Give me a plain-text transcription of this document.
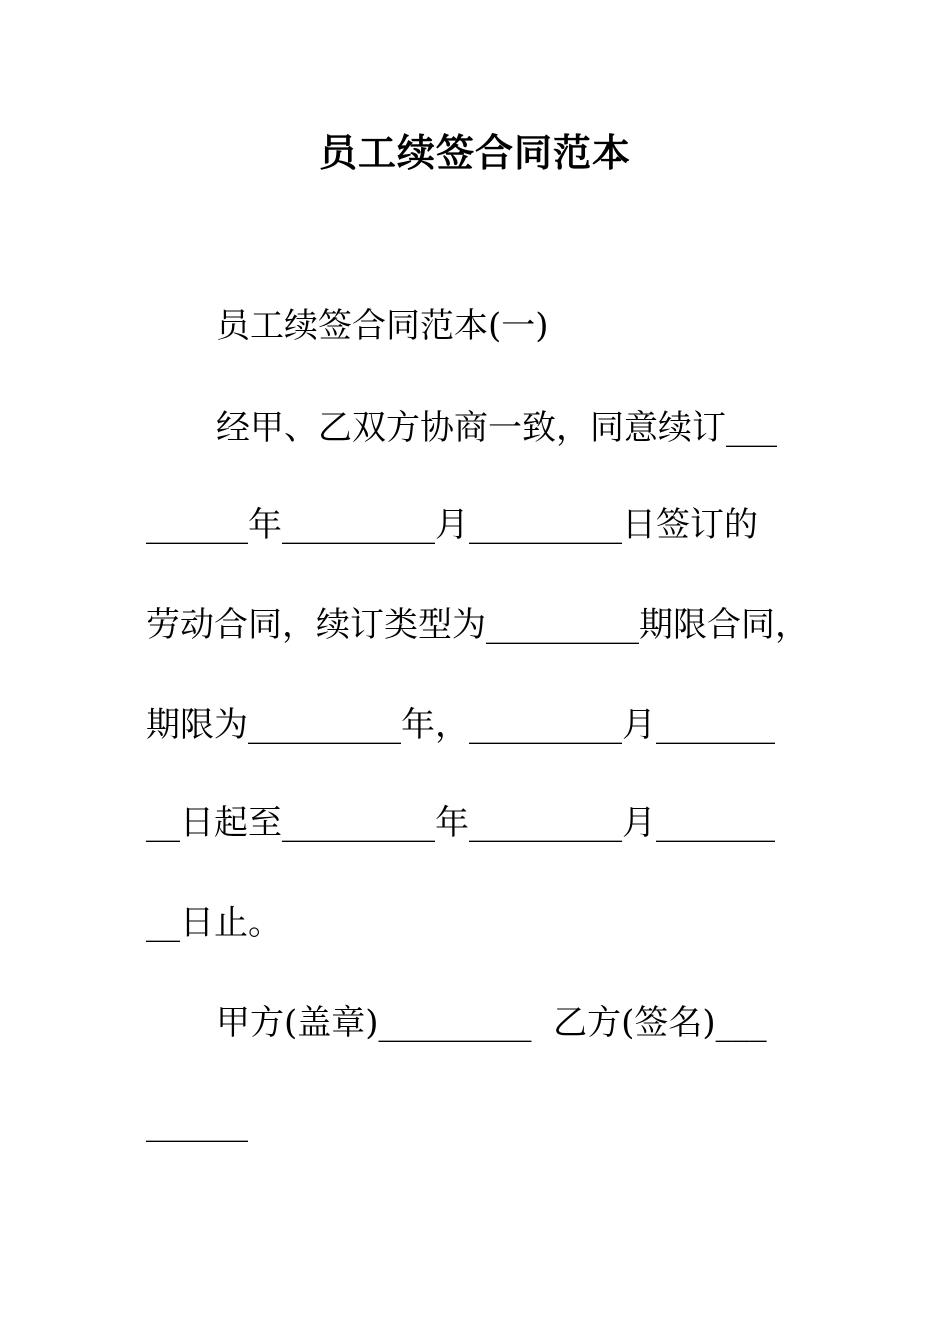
员工续签合同范本
员工续签合同范本(一)
经甲、乙双方协商一致，同意续订___
______年_________月_________日签订的
劳动合同，续订类型为_________期限合同，
期限为_________年，_________月_______
__日起至_________年_________月_______
__日止。
甲方(盖章)_________  乙方(签名)___
______
